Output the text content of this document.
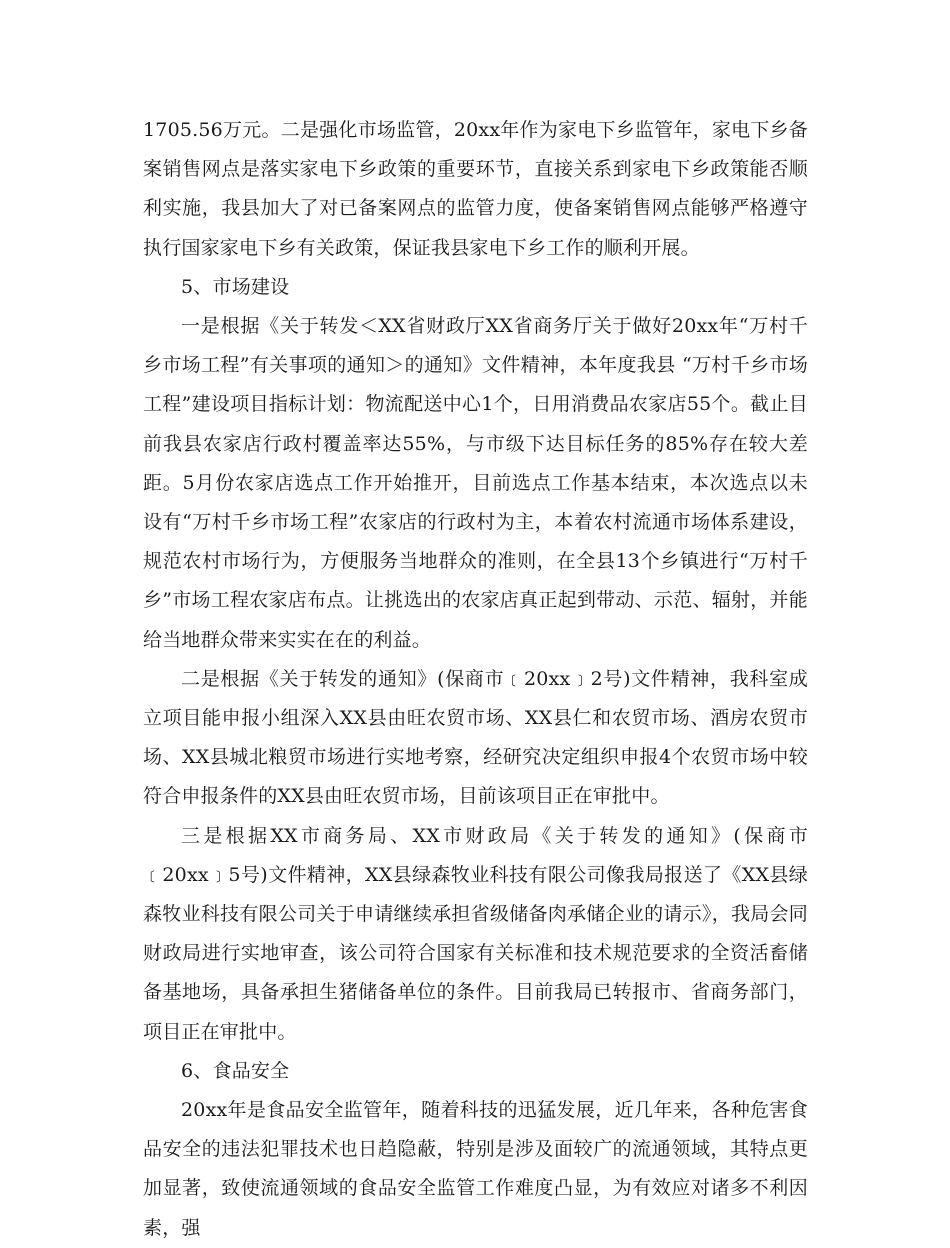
1705.56万元。二是强化市场监管，20xx年作为家电下乡监管年，家电下乡备案销售网点是落实家电下乡政策的重要环节，直接关系到家电下乡政策能否顺利实施，我县加大了对已备案网点的监管力度，使备案销售网点能够严格遵守执行国家家电下乡有关政策，保证我县家电下乡工作的顺利开展。

5、市场建设

一是根据《关于转发＜XX省财政厅XX省商务厅关于做好20xx年“万村千乡市场工程”有关事项的通知＞的通知》文件精神，本年度我县 “万村千乡市场工程”建设项目指标计划：物流配送中心1个，日用消费品农家店55个。截止目前我县农家店行政村覆盖率达55%，与市级下达目标任务的85%存在较大差距。5月份农家店选点工作开始推开，目前选点工作基本结束，本次选点以未设有“万村千乡市场工程”农家店的行政村为主，本着农村流通市场体系建设，规范农村市场行为，方便服务当地群众的准则，在全县13个乡镇进行“万村千乡”市场工程农家店布点。让挑选出的农家店真正起到带动、示范、辐射，并能给当地群众带来实实在在的利益。

二是根据《关于转发的通知》(保商市﹝20xx﹞2号)文件精神，我科室成立项目能申报小组深入XX县由旺农贸市场、XX县仁和农贸市场、酒房农贸市场、XX县城北粮贸市场进行实地考察，经研究决定组织申报4个农贸市场中较符合申报条件的XX县由旺农贸市场，目前该项目正在审批中。

三是根据XX市商务局、XX市财政局《关于转发的通知》(保商市﹝20xx﹞5号)文件精神，XX县绿森牧业科技有限公司像我局报送了《XX县绿森牧业科技有限公司关于申请继续承担省级储备肉承储企业的请示》，我局会同财政局进行实地审查，该公司符合国家有关标准和技术规范要求的全资活畜储备基地场，具备承担生猪储备单位的条件。目前我局已转报市、省商务部门，项目正在审批中。

6、食品安全

20xx年是食品安全监管年，随着科技的迅猛发展，近几年来，各种危害食品安全的违法犯罪技术也日趋隐蔽，特别是涉及面较广的流通领域，其特点更加显著，致使流通领域的食品安全监管工作难度凸显，为有效应对诸多不利因素，强
